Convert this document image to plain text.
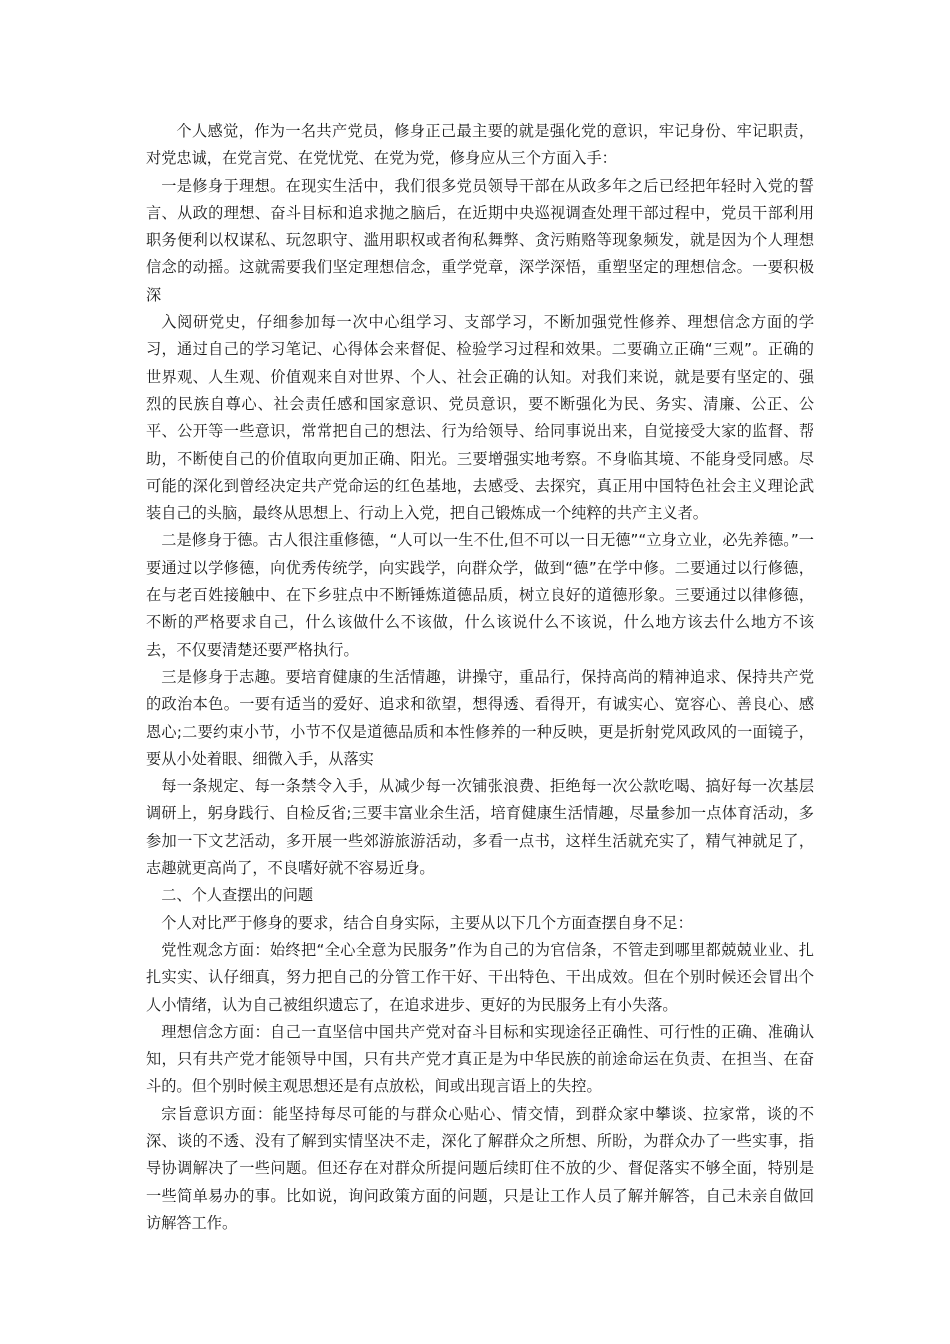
个人感觉，作为一名共产党员，修身正己最主要的就是强化党的意识，牢记身份、牢记职责，对党忠诚，在党言党、在党忧党、在党为党，修身应从三个方面入手：

一是修身于理想。在现实生活中，我们很多党员领导干部在从政多年之后已经把年轻时入党的誓言、从政的理想、奋斗目标和追求抛之脑后，在近期中央巡视调查处理干部过程中，党员干部利用职务便利以权谋私、玩忽职守、滥用职权或者徇私舞弊、贪污贿赂等现象频发，就是因为个人理想信念的动摇。这就需要我们坚定理想信念，重学党章，深学深悟，重塑坚定的理想信念。一要积极深

入阅研党史，仔细参加每一次中心组学习、支部学习，不断加强党性修养、理想信念方面的学习，通过自己的学习笔记、心得体会来督促、检验学习过程和效果。二要确立正确“三观”。正确的世界观、人生观、价值观来自对世界、个人、社会正确的认知。对我们来说，就是要有坚定的、强烈的民族自尊心、社会责任感和国家意识、党员意识，要不断强化为民、务实、清廉、公正、公平、公开等一些意识，常常把自己的想法、行为给领导、给同事说出来，自觉接受大家的监督、帮助，不断使自己的价值取向更加正确、阳光。三要增强实地考察。不身临其境、不能身受同感。尽可能的深化到曾经决定共产党命运的红色基地，去感受、去探究，真正用中国特色社会主义理论武装自己的头脑，最终从思想上、行动上入党，把自己锻炼成一个纯粹的共产主义者。

二是修身于德。古人很注重修德，“人可以一生不仕,但不可以一日无德”“立身立业，必先养德。”一要通过以学修德，向优秀传统学，向实践学，向群众学，做到“德”在学中修。二要通过以行修德，在与老百姓接触中、在下乡驻点中不断锤炼道德品质，树立良好的道德形象。三要通过以律修德，不断的严格要求自己，什么该做什么不该做，什么该说什么不该说，什么地方该去什么地方不该去，不仅要清楚还要严格执行。

三是修身于志趣。要培育健康的生活情趣，讲操守，重品行，保持高尚的精神追求、保持共产党的政治本色。一要有适当的爱好、追求和欲望，想得透、看得开，有诚实心、宽容心、善良心、感恩心;二要约束小节，小节不仅是道德品质和本性修养的一种反映，更是折射党风政风的一面镜子，要从小处着眼、细微入手，从落实

每一条规定、每一条禁令入手，从减少每一次铺张浪费、拒绝每一次公款吃喝、搞好每一次基层调研上，躬身践行、自检反省;三要丰富业余生活，培育健康生活情趣，尽量参加一点体育活动，多参加一下文艺活动，多开展一些郊游旅游活动，多看一点书，这样生活就充实了，精气神就足了，志趣就更高尚了，不良嗜好就不容易近身。

二、个人查摆出的问题

个人对比严于修身的要求，结合自身实际，主要从以下几个方面查摆自身不足：

党性观念方面：始终把“全心全意为民服务”作为自己的为官信条，不管走到哪里都兢兢业业、扎扎实实、认仔细真，努力把自己的分管工作干好、干出特色、干出成效。但在个别时候还会冒出个人小情绪，认为自己被组织遗忘了，在追求进步、更好的为民服务上有小失落。

理想信念方面：自己一直坚信中国共产党对奋斗目标和实现途径正确性、可行性的正确、准确认知，只有共产党才能领导中国，只有共产党才真正是为中华民族的前途命运在负责、在担当、在奋斗的。但个别时候主观思想还是有点放松，间或出现言语上的失控。

宗旨意识方面：能坚持每尽可能的与群众心贴心、情交情，到群众家中攀谈、拉家常，谈的不深、谈的不透、没有了解到实情坚决不走，深化了解群众之所想、所盼，为群众办了一些实事，指导协调解决了一些问题。但还存在对群众所提问题后续盯住不放的少、督促落实不够全面，特别是一些简单易办的事。比如说，询问政策方面的问题，只是让工作人员了解并解答，自己未亲自做回访解答工作。
